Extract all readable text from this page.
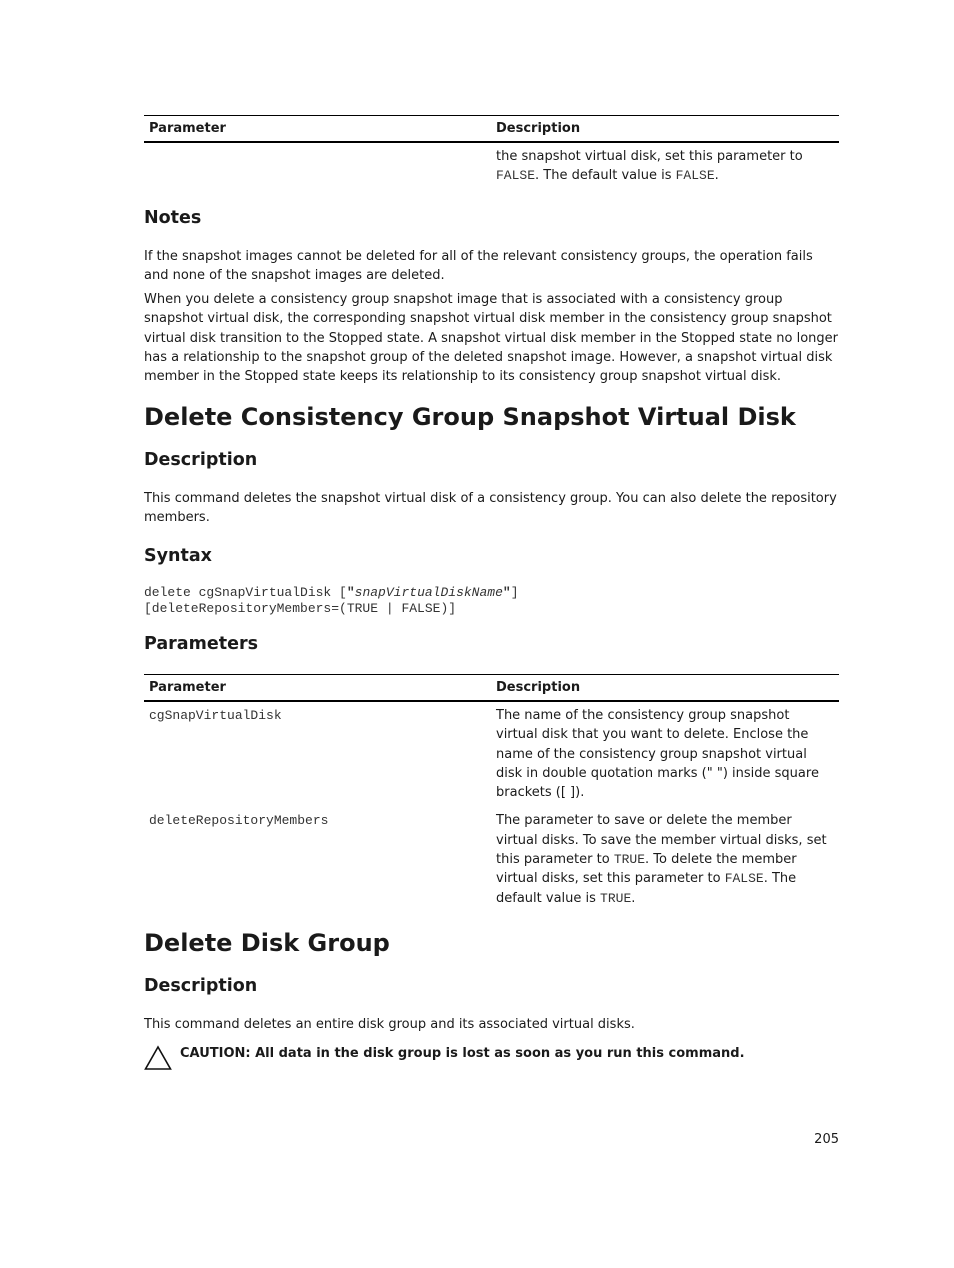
Parameter	Description
	the snapshot virtual disk, set this parameter to
FALSE. The default value is FALSE.
Notes

If the snapshot images cannot be deleted for all of the relevant consistency groups, the operation fails and none of the snapshot images are deleted.

When you delete a consistency group snapshot image that is associated with a consistency group snapshot virtual disk, the corresponding snapshot virtual disk member in the consistency group snapshot virtual disk transition to the Stopped state. A snapshot virtual disk member in the Stopped state no longer has a relationship to the snapshot group of the deleted snapshot image. However, a snapshot virtual disk member in the Stopped state keeps its relationship to its consistency group snapshot virtual disk.

Delete Consistency Group Snapshot Virtual Disk
Description

This command deletes the snapshot virtual disk of a consistency group. You can also delete the repository members.

Syntax
delete cgSnapVirtualDisk ["snapVirtualDiskName"]
[deleteRepositoryMembers=(TRUE | FALSE)]
Parameters
Parameter	Description
cgSnapVirtualDisk	The name of the consistency group snapshot virtual disk that you want to delete. Enclose the name of the consistency group snapshot virtual disk in double quotation marks (" ") inside square brackets ([ ]).
deleteRepositoryMembers	The parameter to save or delete the member virtual disks. To save the member virtual disks, set this parameter to TRUE. To delete the member virtual disks, set this parameter to FALSE. The default value is TRUE.
Delete Disk Group
Description

This command deletes an entire disk group and its associated virtual disks.

CAUTION: All data in the disk group is lost as soon as you run this command.
205
